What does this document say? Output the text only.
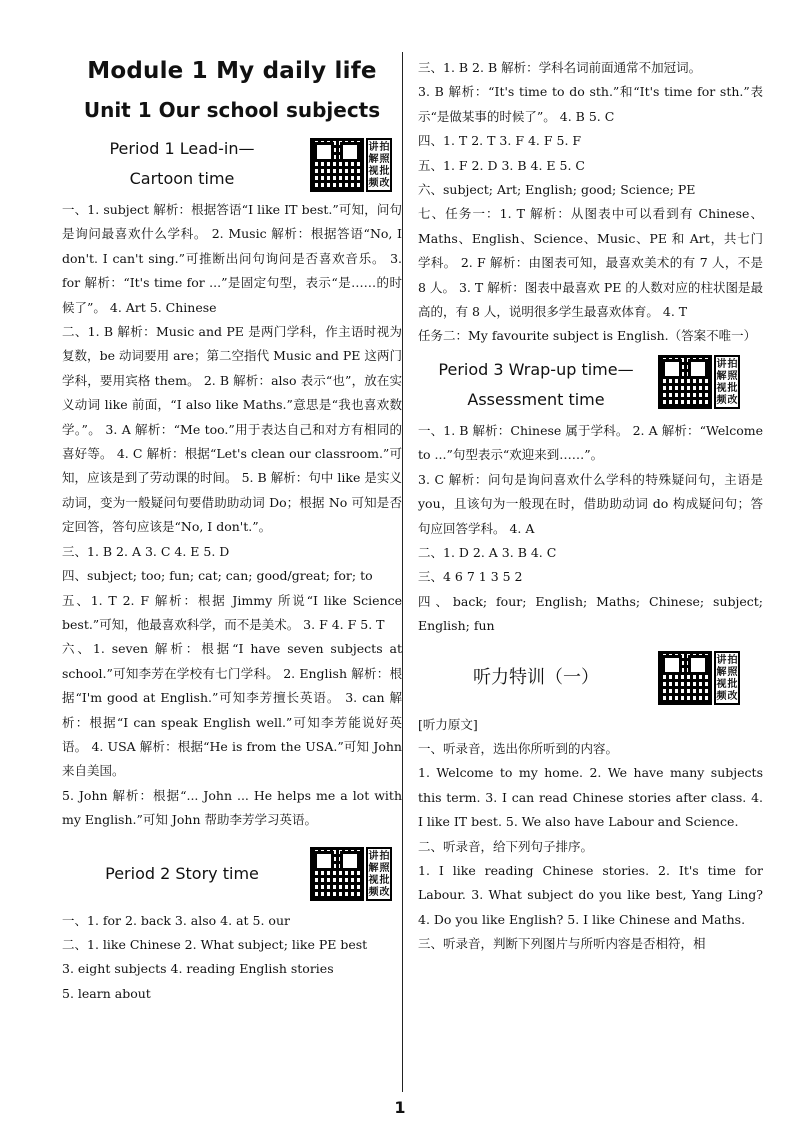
Module 1 My daily life
Unit 1 Our school subjects
Period 1 Lead-in—
Cartoon time
讲 拍
解 照
视 批
频 改

一、1. subject 解析：根据答语“I like IT best.”可知，问句是询问最喜欢什么学科。 2. Music 解析：根据答语“No, I don't. I can't sing.”可推断出问句询问是否喜欢音乐。 3. for 解析：“It's time for ...”是固定句型，表示“是……的时候了”。 4. Art 5. Chinese

二、1. B 解析：Music and PE 是两门学科，作主语时视为复数，be 动词要用 are；第二空指代 Music and PE 这两门学科，要用宾格 them。 2. B 解析：also 表示“也”，放在实义动词 like 前面，“I also like Maths.”意思是“我也喜欢数学。”。 3. A 解析：“Me too.”用于表达自己和对方有相同的喜好等。 4. C 解析：根据“Let's clean our classroom.”可知，应该是到了劳动课的时间。 5. B 解析：句中 like 是实义动词，变为一般疑问句要借助助动词 Do；根据 No 可知是否定回答，答句应该是“No, I don't.”。

三、1. B 2. A 3. C 4. E 5. D

四、subject; too; fun; cat; can; good/great; for; to

五、1. T 2. F 解析：根据 Jimmy 所说“I like Science best.”可知，他最喜欢科学，而不是美术。 3. F 4. F 5. T

六、1. seven 解析：根据“I have seven subjects at school.”可知李芳在学校有七门学科。 2. English 解析：根据“I'm good at English.”可知李芳擅长英语。 3. can 解析：根据“I can speak English well.”可知李芳能说好英语。 4. USA 解析：根据“He is from the USA.”可知 John 来自美国。

5. John 解析：根据“... John ... He helps me a lot with my English.”可知 John 帮助李芳学习英语。

Period 2 Story time
讲 拍
解 照
视 批
频 改

一、1. for 2. back 3. also 4. at 5. our

二、1. like Chinese 2. What subject; like PE best

3. eight subjects 4. reading English stories

5. learn about

三、1. B 2. B 解析：学科名词前面通常不加冠词。

3. B 解析：“It's time to do sth.”和“It's time for sth.”表示“是做某事的时候了”。 4. B 5. C

四、1. T 2. T 3. F 4. F 5. F

五、1. F 2. D 3. B 4. E 5. C

六、subject; Art; English; good; Science; PE

七、任务一：1. T 解析：从图表中可以看到有 Chinese、Maths、English、Science、Music、PE 和 Art，共七门学科。 2. F 解析：由图表可知，最喜欢美术的有 7 人，不是 8 人。 3. T 解析：图表中最喜欢 PE 的人数对应的柱状图是最高的，有 8 人，说明很多学生最喜欢体育。 4. T

任务二：My favourite subject is English.（答案不唯一）

Period 3 Wrap-up time—
Assessment time
讲 拍
解 照
视 批
频 改

一、1. B 解析：Chinese 属于学科。 2. A 解析：“Welcome to ...”句型表示“欢迎来到……”。

3. C 解析：问句是询问喜欢什么学科的特殊疑问句，主语是 you，且该句为一般现在时，借助助动词 do 构成疑问句；答句应回答学科。 4. A

二、1. D 2. A 3. B 4. C

三、4 6 7 1 3 5 2

四、back; four; English; Maths; Chinese; subject; English; fun

听力特训（一）
讲 拍
解 照
视 批
频 改

[听力原文]

一、听录音，选出你所听到的内容。

1. Welcome to my home. 2. We have many subjects this term. 3. I can read Chinese stories after class. 4. I like IT best. 5. We also have Labour and Science.

二、听录音，给下列句子排序。

1. I like reading Chinese stories. 2. It's time for Labour. 3. What subject do you like best, Yang Ling? 4. Do you like English? 5. I like Chinese and Maths.

三、听录音，判断下列图片与所听内容是否相符，相

1
